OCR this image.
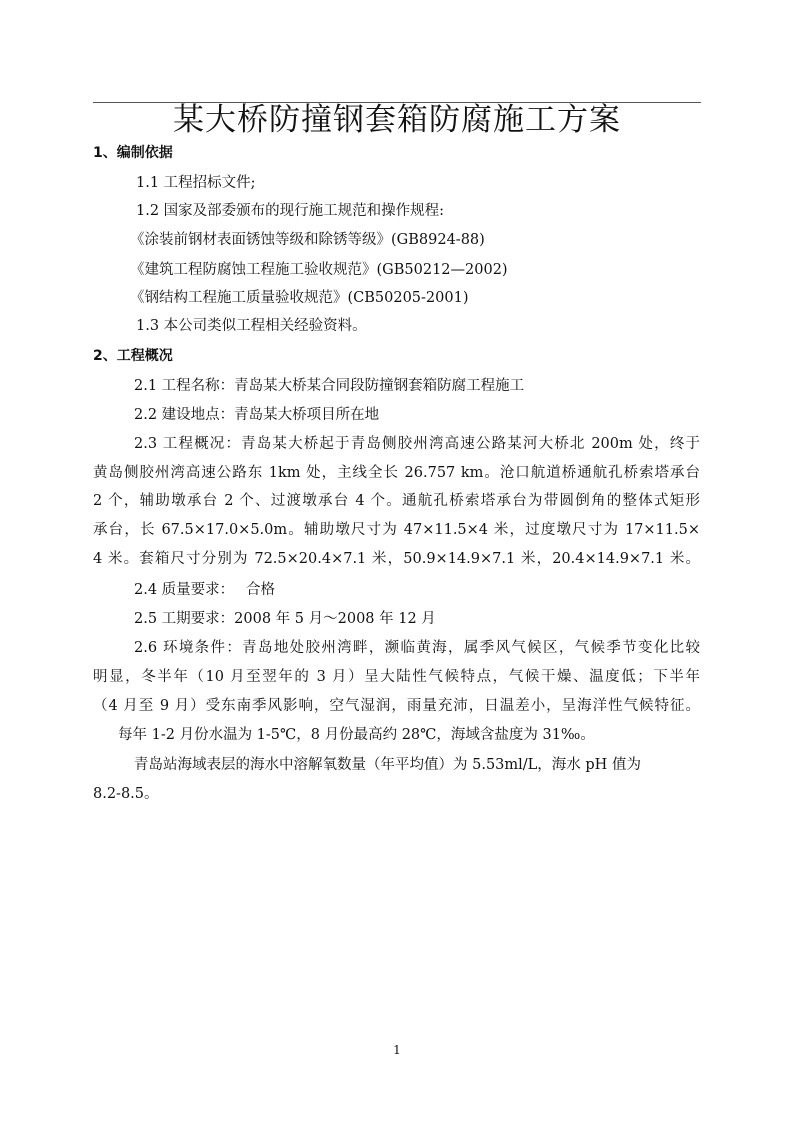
某大桥防撞钢套箱防腐施工方案
1、编制依据
1.1 工程招标文件;
1.2 国家及部委颁布的现行施工规范和操作规程:
《涂装前钢材表面锈蚀等级和除锈等级》(GB8924-88)
《建筑工程防腐蚀工程施工验收规范》(GB50212—2002)
《钢结构工程施工质量验收规范》(CB50205-2001)
1.3 本公司类似工程相关经验资料。
2、工程概况
2.1 工程名称：青岛某大桥某合同段防撞钢套箱防腐工程施工
2.2 建设地点：青岛某大桥项目所在地
2.3 工程概况：青岛某大桥起于青岛侧胶州湾高速公路某河大桥北 200m 处，终于
黄岛侧胶州湾高速公路东 1km 处，主线全长 26.757 km。沧口航道桥通航孔桥索塔承台
2 个，辅助墩承台 2 个、过渡墩承台 4 个。通航孔桥索塔承台为带圆倒角的整体式矩形
承台，长 67.5×17.0×5.0m。辅助墩尺寸为 47×11.5×4 米，过度墩尺寸为 17×11.5×
4 米。套箱尺寸分别为 72.5×20.4×7.1 米，50.9×14.9×7.1 米，20.4×14.9×7.1 米。
2.4 质量要求：　 合格
2.5 工期要求：2008 年 5 月～2008 年 12 月
2.6 环境条件：青岛地处胶州湾畔，濒临黄海，属季风气候区，气候季节变化比较
明显，冬半年（10 月至翌年的 3 月）呈大陆性气候特点，气候干燥、温度低；下半年
（4 月至 9 月）受东南季风影响，空气湿润，雨量充沛，日温差小，呈海洋性气候特征。
每年 1-2 月份水温为 1-5℃，8 月份最高约 28℃，海域含盐度为 31‰。
青岛站海域表层的海水中溶解氧数量（年平均值）为 5.53ml/L，海水 pH 值为
8.2-8.5。
1
